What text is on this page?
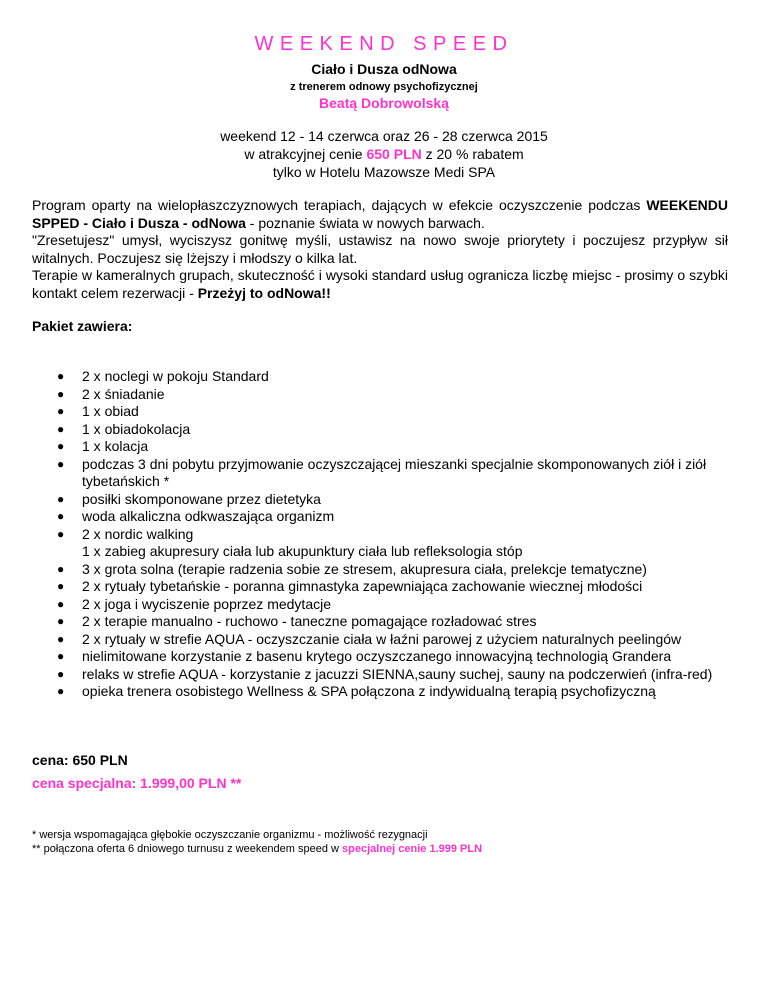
WEEKEND SPEED
Ciało i Dusza odNowa
z trenerem odnowy psychofizycznej
Beatą Dobrowolską
weekend 12 - 14 czerwca oraz 26 - 28 czerwca 2015
w atrakcyjnej cenie 650 PLN z 20 % rabatem
tylko w Hotelu Mazowsze Medi SPA

Program oparty na wielopłaszczyznowych terapiach, dających w efekcie oczyszczenie podczas WEEKENDU SPPED - Ciało i Dusza - odNowa - poznanie świata w nowych barwach.

"Zresetujesz" umysł, wyciszysz gonitwę myśli, ustawisz na nowo swoje priorytety i poczujesz przypływ sił witalnych. Poczujesz się lżejszy i młodszy o kilka lat.

Terapie w kameralnych grupach, skuteczność i wysoki standard usług ogranicza liczbę miejsc - prosimy o szybki kontakt celem rezerwacji - Przeżyj to odNowa!!

Pakiet zawiera:
● 2 x noclegi w pokoju Standard
● 2 x śniadanie
● 1 x obiad
● 1 x obiadokolacja
● 1 x kolacja
● podczas 3 dni pobytu przyjmowanie oczyszczającej mieszanki specjalnie skomponowanych ziół i ziół tybetańskich *
● posiłki skomponowane przez dietetyka
● woda alkaliczna odkwaszająca organizm
● 2 x nordic walking
1 x zabieg akupresury ciała lub akupunktury ciała lub refleksologia stóp
● 3 x grota solna (terapie radzenia sobie ze stresem, akupresura ciała, prelekcje tematyczne)
● 2 x rytuały tybetańskie - poranna gimnastyka zapewniająca zachowanie wiecznej młodości
● 2 x joga i wyciszenie poprzez medytacje
● 2 x terapie manualno - ruchowo - taneczne pomagające rozładować stres
● 2 x rytuały w strefie AQUA - oczyszczanie ciała w łaźni parowej z użyciem naturalnych peelingów
● nielimitowane korzystanie z basenu krytego oczyszczanego innowacyjną technologią Grandera
● relaks w strefie AQUA - korzystanie z jacuzzi SIENNA,sauny suchej, sauny na podczerwień (infra-red)
● opieka trenera osobistego Wellness & SPA połączona z indywidualną terapią psychofizyczną
cena: 650 PLN
cena specjalna: 1.999,00 PLN **
* wersja wspomagająca głębokie oczyszczanie organizmu - możliwość rezygnacji
** połączona oferta 6 dniowego turnusu z weekendem speed w specjalnej cenie 1.999 PLN
